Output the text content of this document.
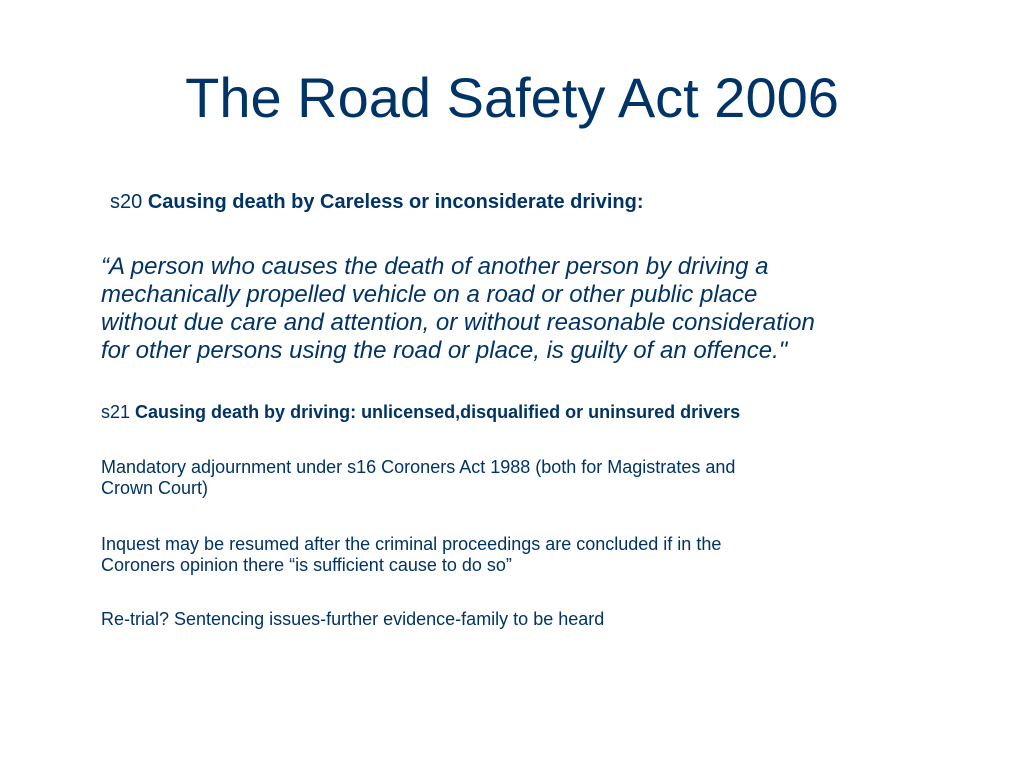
The Road Safety Act 2006
s20 Causing death by Careless or inconsiderate driving:
“A person who causes the death of another person by driving a
mechanically propelled vehicle on a road or other public place
without due care and attention, or without reasonable consideration
for other persons using the road or place, is guilty of an offence."
s21 Causing death by driving: unlicensed,disqualified or uninsured drivers
Mandatory adjournment under s16 Coroners Act 1988 (both for Magistrates and
Crown Court)
Inquest may be resumed after the criminal proceedings are concluded if in the
Coroners opinion there “is sufficient cause to do so”
Re-trial? Sentencing issues-further evidence-family to be heard
